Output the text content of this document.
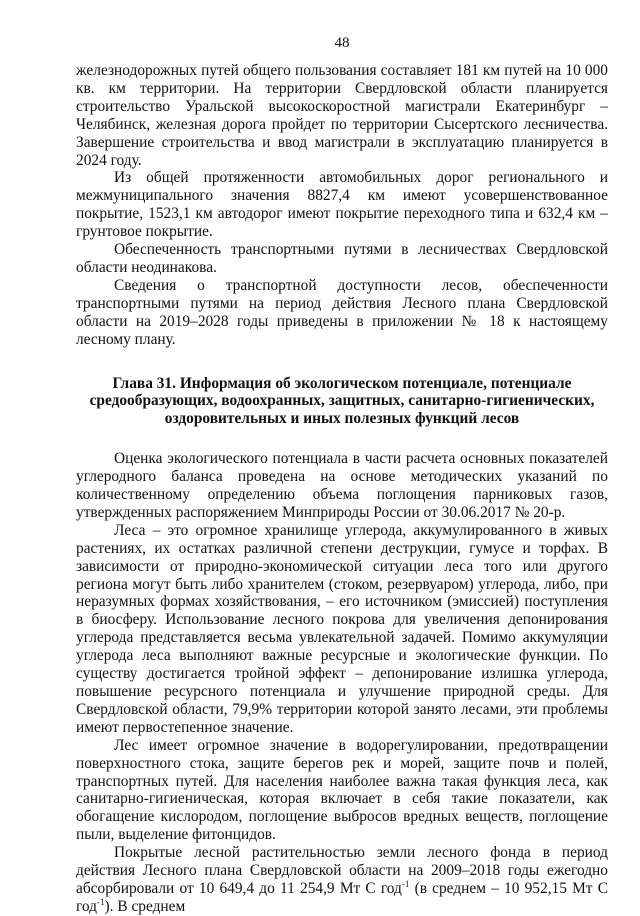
48

железнодорожных путей общего пользования составляет 181 км путей на 10 000 кв. км территории. На территории Свердловской области планируется строительство Уральской высокоскоростной магистрали Екатеринбург – Челябинск, железная дорога пройдет по территории Сысертского лесничества. Завершение строительства и ввод магистрали в эксплуатацию планируется в 2024 году.

Из общей протяженности автомобильных дорог регионального и межмуниципального значения 8827,4 км имеют усовершенствованное покрытие, 1523,1 км автодорог имеют покрытие переходного типа и 632,4 км – грунтовое покрытие.

Обеспеченность транспортными путями в лесничествах Свердловской области неодинакова.

Сведения о транспортной доступности лесов, обеспеченности транспортными путями на период действия Лесного плана Свердловской области на 2019–2028 годы приведены в приложении № 18 к настоящему лесному плану.

Глава 31. Информация об экологическом потенциале, потенциале средообразующих, водоохранных, защитных, санитарно-гигиенических, оздоровительных и иных полезных функций лесов

Оценка экологического потенциала в части расчета основных показателей углеродного баланса проведена на основе методических указаний по количественному определению объема поглощения парниковых газов, утвержденных распоряжением Минприроды России от 30.06.2017 № 20-р.

Леса – это огромное хранилище углерода, аккумулированного в живых растениях, их остатках различной степени деструкции, гумусе и торфах. В зависимости от природно-экономической ситуации леса того или другого региона могут быть либо хранителем (стоком, резервуаром) углерода, либо, при неразумных формах хозяйствования, – его источником (эмиссией) поступления в биосферу. Использование лесного покрова для увеличения депонирования углерода представляется весьма увлекательной задачей. Помимо аккумуляции углерода леса выполняют важные ресурсные и экологические функции. По существу достигается тройной эффект – депонирование излишка углерода, повышение ресурсного потенциала и улучшение природной среды. Для Свердловской области, 79,9% территории которой занято лесами, эти проблемы имеют первостепенное значение.

Лес имеет огромное значение в водорегулировании, предотвращении поверхностного стока, защите берегов рек и морей, защите почв и полей, транспортных путей. Для населения наиболее важна такая функция леса, как санитарно-гигиеническая, которая включает в себя такие показатели, как обогащение кислородом, поглощение выбросов вредных веществ, поглощение пыли, выделение фитонцидов.

Покрытые лесной растительностью земли лесного фонда в период действия Лесного плана Свердловской области на 2009–2018 годы ежегодно абсорбировали от 10 649,4 до 11 254,9 Мт С год$^{-1}$ (в среднем – 10 952,15 Мт С год$^{-1}$). В среднем
